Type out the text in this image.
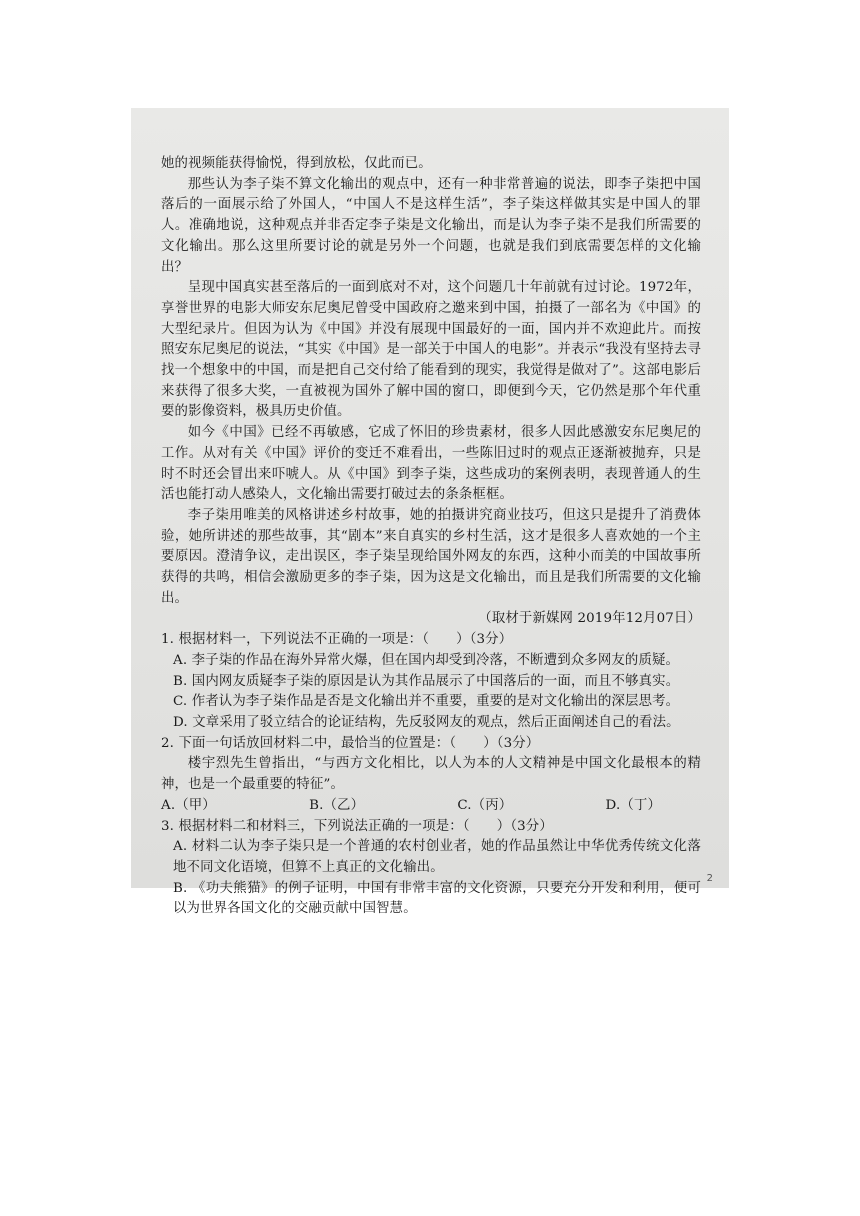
她的视频能获得愉悦，得到放松，仅此而已。

那些认为李子柒不算文化输出的观点中，还有一种非常普遍的说法，即李子柒把中国落后的一面展示给了外国人，“中国人不是这样生活”，李子柒这样做其实是中国人的罪人。准确地说，这种观点并非否定李子柒是文化输出，而是认为李子柒不是我们所需要的文化输出。那么这里所要讨论的就是另外一个问题，也就是我们到底需要怎样的文化输出？

呈现中国真实甚至落后的一面到底对不对，这个问题几十年前就有过讨论。1972年，享誉世界的电影大师安东尼奥尼曾受中国政府之邀来到中国，拍摄了一部名为《中国》的大型纪录片。但因为认为《中国》并没有展现中国最好的一面，国内并不欢迎此片。而按照安东尼奥尼的说法，“其实《中国》是一部关于中国人的电影”。并表示“我没有坚持去寻找一个想象中的中国，而是把自己交付给了能看到的现实，我觉得是做对了”。这部电影后来获得了很多大奖，一直被视为国外了解中国的窗口，即便到今天，它仍然是那个年代重要的影像资料，极具历史价值。

如今《中国》已经不再敏感，它成了怀旧的珍贵素材，很多人因此感激安东尼奥尼的工作。从对有关《中国》评价的变迁不难看出，一些陈旧过时的观点正逐渐被抛弃，只是时不时还会冒出来吓唬人。从《中国》到李子柒，这些成功的案例表明，表现普通人的生活也能打动人感染人，文化输出需要打破过去的条条框框。

李子柒用唯美的风格讲述乡村故事，她的拍摄讲究商业技巧，但这只是提升了消费体验，她所讲述的那些故事，其“剧本”来自真实的乡村生活，这才是很多人喜欢她的一个主要原因。澄清争议，走出误区，李子柒呈现给国外网友的东西，这种小而美的中国故事所获得的共鸣，相信会激励更多的李子柒，因为这是文化输出，而且是我们所需要的文化输出。

（取材于新媒网 2019年12月07日）

1. 根据材料一，下列说法不正确的一项是：（　　）（3分）

A. 李子柒的作品在海外异常火爆，但在国内却受到冷落，不断遭到众多网友的质疑。

B. 国内网友质疑李子柒的原因是认为其作品展示了中国落后的一面，而且不够真实。

C. 作者认为李子柒作品是否是文化输出并不重要，重要的是对文化输出的深层思考。

D. 文章采用了驳立结合的论证结构，先反驳网友的观点，然后正面阐述自己的看法。

2. 下面一句话放回材料二中，最恰当的位置是：（　　）（3分）

楼宇烈先生曾指出，“与西方文化相比，以人为本的人文精神是中国文化最根本的精神，也是一个最重要的特征”。

A.（甲）	B.（乙）	C.（丙）	D.（丁）

3. 根据材料二和材料三，下列说法正确的一项是：（　　）（3分）

A. 材料二认为李子柒只是一个普通的农村创业者，她的作品虽然让中华优秀传统文化落地不同文化语境，但算不上真正的文化输出。

B. 《功夫熊猫》的例子证明，中国有非常丰富的文化资源，只要充分开发和利用，便可以为世界各国文化的交融贡献中国智慧。

2
